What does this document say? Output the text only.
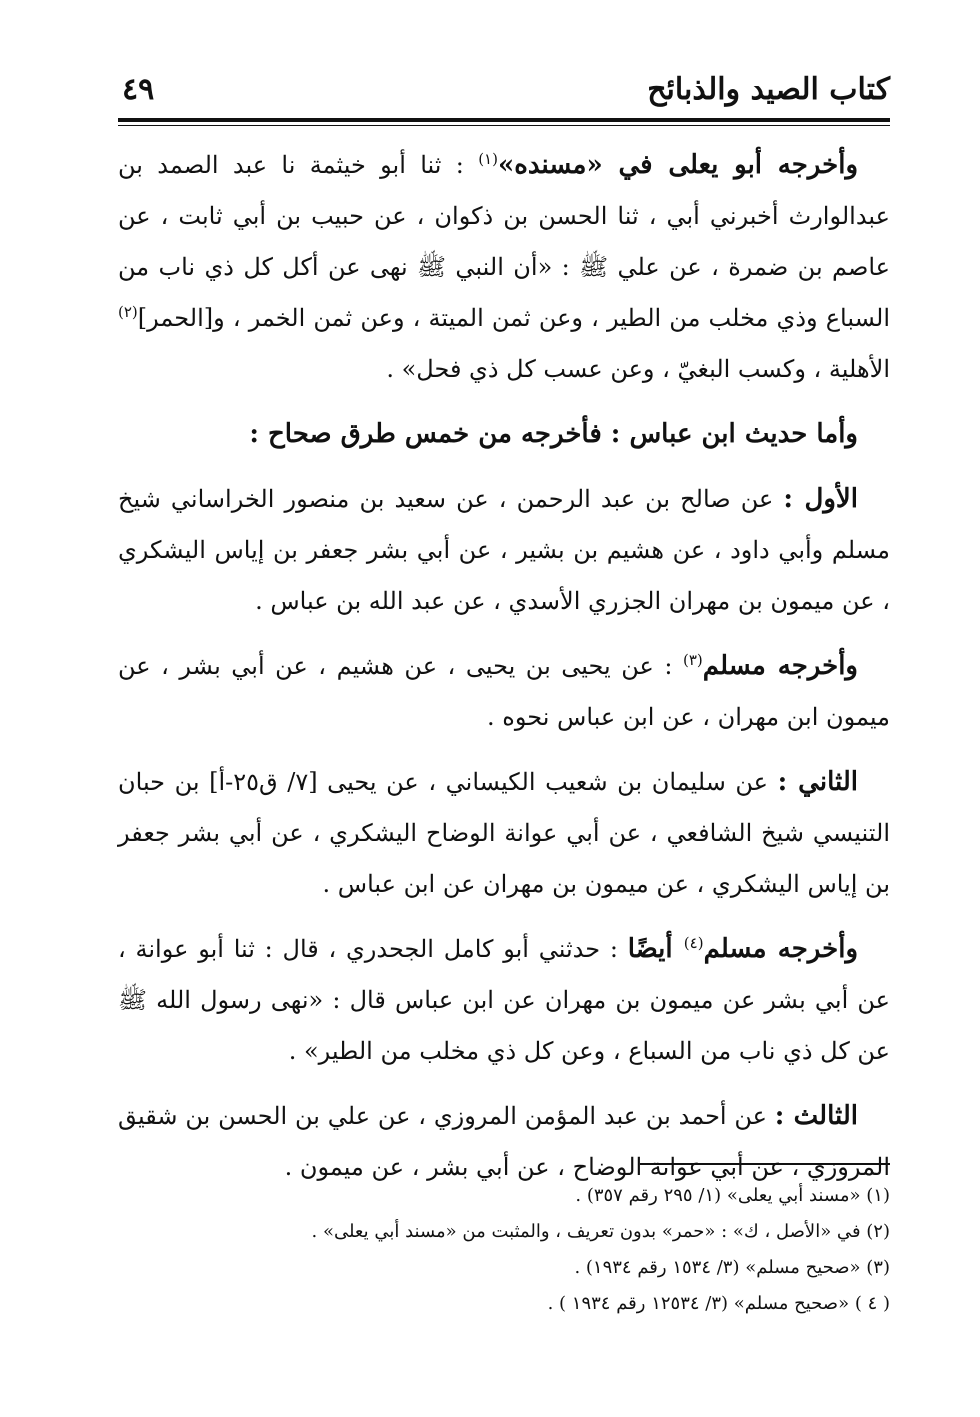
كتاب الصيد والذبائح
٤٩

وأخرجه أبو يعلى في «مسنده»$^{(١)}$ : ثنا أبو خيثمة نا عبد الصمد بن عبدالوارث أخبرني أبي ، ثنا الحسن بن ذكوان ، عن حبيب بن أبي ثابت ، عن عاصم بن ضمرة ، عن علي ﷺ : «أن النبي ﷺ نهى عن أكل كل ذي ناب من السباع وذي مخلب من الطير ، وعن ثمن الميتة ، وعن ثمن الخمر ، و[الحمر]$^{(٢)}$ الأهلية ، وكسب البغيّ ، وعن عسب كل ذي فحل» .

وأما حديث ابن عباس : فأخرجه من خمس طرق صحاح :

الأول : عن صالح بن عبد الرحمن ، عن سعيد بن منصور الخراساني شيخ مسلم وأبي داود ، عن هشيم بن بشير ، عن أبي بشر جعفر بن إياس اليشكري ، عن ميمون بن مهران الجزري الأسدي ، عن عبد الله بن عباس .

وأخرجه مسلم$^{(٣)}$ : عن يحيى بن يحيى ، عن هشيم ، عن أبي بشر ، عن ميمون ابن مهران ، عن ابن عباس نحوه .

الثاني : عن سليمان بن شعيب الكيساني ، عن يحيى [٧/ ق٢٥-أ] بن حبان التنيسي شيخ الشافعي ، عن أبي عوانة الوضاح اليشكري ، عن أبي بشر جعفر بن إياس اليشكري ، عن ميمون بن مهران عن ابن عباس .

وأخرجه مسلم$^{(٤)}$ أيضًا : حدثني أبو كامل الجحدري ، قال : ثنا أبو عوانة ، عن أبي بشر عن ميمون بن مهران عن ابن عباس قال : «نهى رسول الله ﷺ عن كل ذي ناب من السباع ، وعن كل ذي مخلب من الطير» .

الثالث : عن أحمد بن عبد المؤمن المروزي ، عن علي بن الحسن بن شقيق المروزي ، عن أبي عوانة الوضاح ، عن أبي بشر ، عن ميمون .

(١) «مسند أبي يعلى» (١/ ٢٩٥ رقم ٣٥٧) .

(٢) في «الأصل ، ك» : «حمر» بدون تعريف ، والمثبت من «مسند أبي يعلى» .

(٣) «صحيح مسلم» (٣/ ١٥٣٤ رقم ١٩٣٤) .

( ٤ ) «صحيح مسلم» (٣/ ١٢٥٣٤ رقم ١٩٣٤ ) .
